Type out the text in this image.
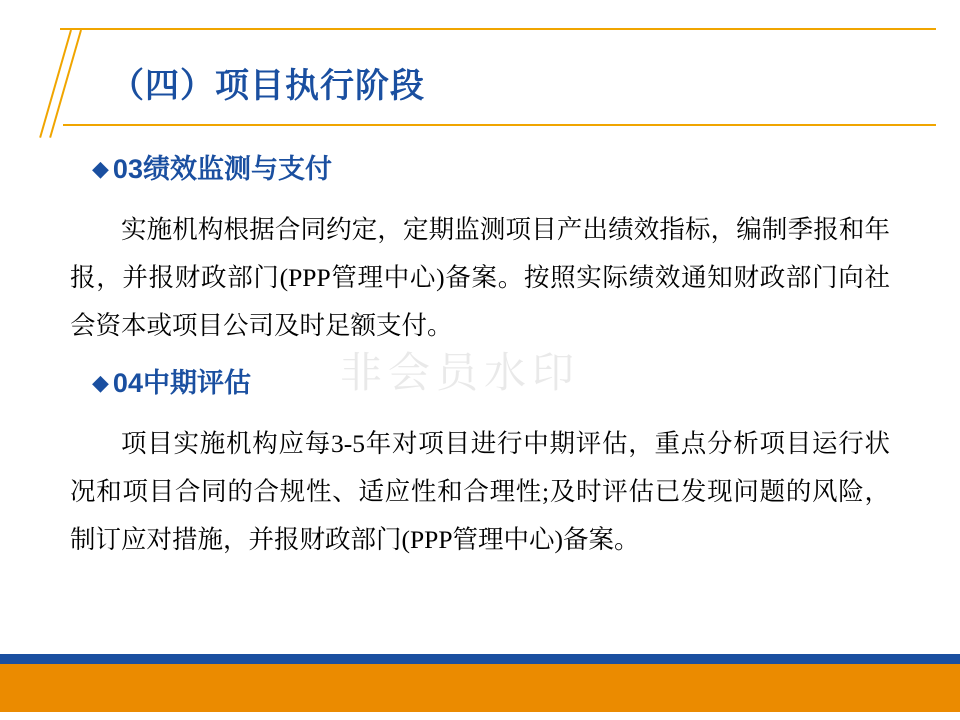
（四）项目执行阶段
◆ 03绩效监测与支付
实施机构根据合同约定，定期监测项目产出绩效指标，编制季报和年报，并报财政部门(PPP管理中心)备案。按照实际绩效通知财政部门向社会资本或项目公司及时足额支付。
◆ 04中期评估
项目实施机构应每3-5年对项目进行中期评估，重点分析项目运行状况和项目合同的合规性、适应性和合理性;及时评估已发现问题的风险，制订应对措施，并报财政部门(PPP管理中心)备案。
非会员水印
